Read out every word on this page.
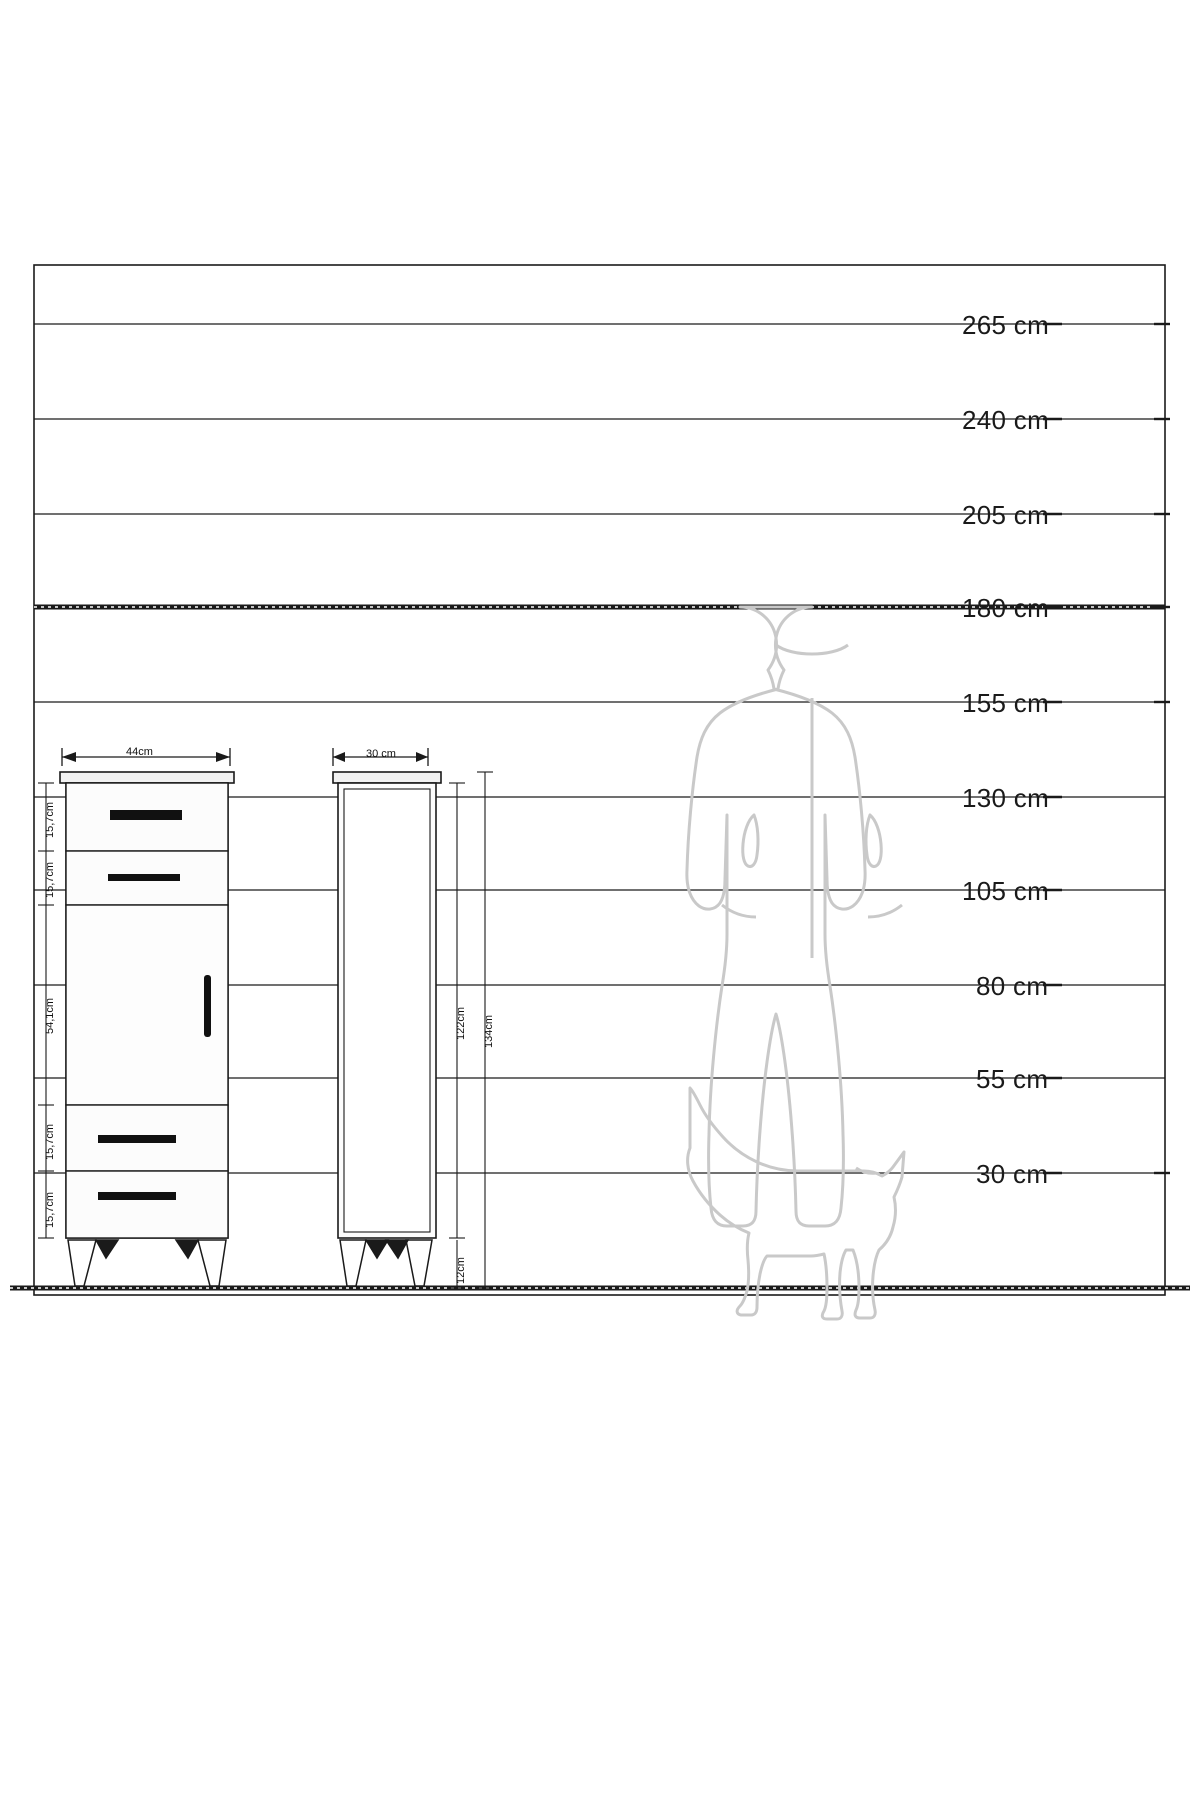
265 cm
240 cm
205 cm
180 cm
155 cm
130 cm
105 cm
80 cm
55 cm
30 cm
44cm
15,7cm
15,7cm
54,1cm
15,7cm
15,7cm
30 cm
122cm 134cm
12cm
